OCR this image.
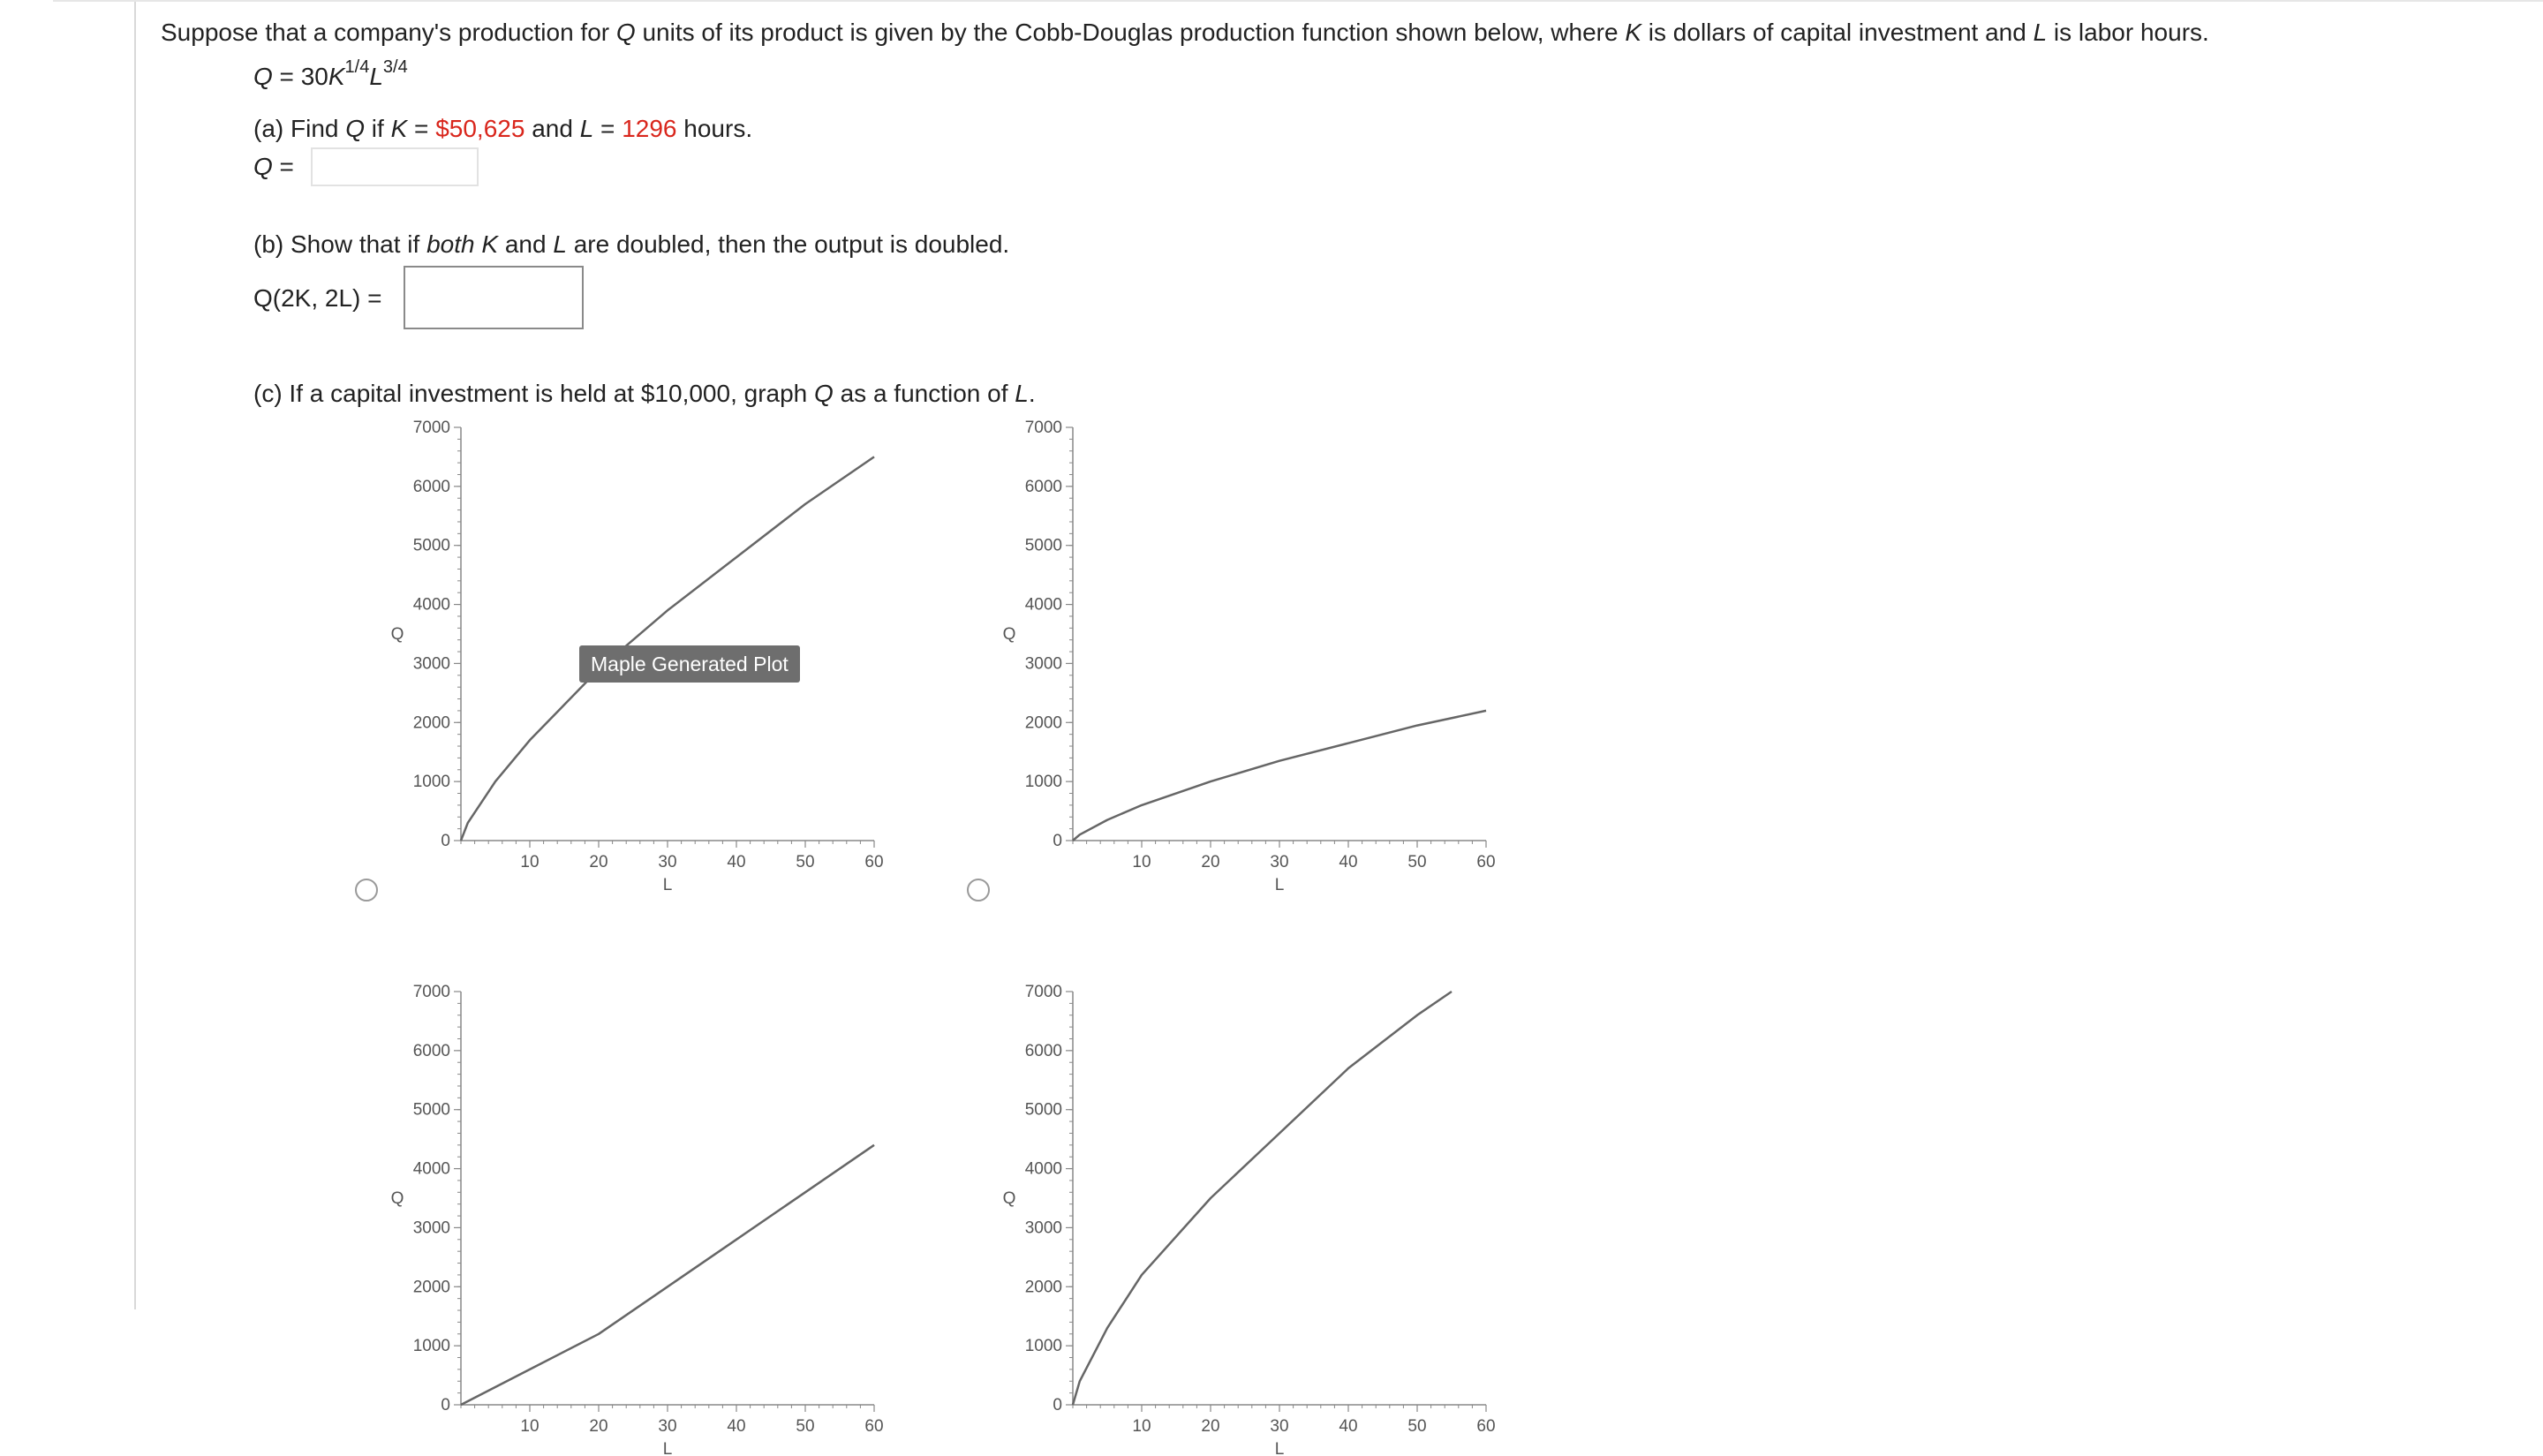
Suppose that a company's production for Q units of its product is given by the Cobb-Douglas production function shown below, where K is dollars of capital investment and L is labor hours.
$Q = 30K^{1/4}L^{3/4}$
(a) Find Q if K = $50,625 and L = 1296 hours.
Q =
(b) Show that if both K and L are doubled, then the output is doubled.
Q(2K, 2L) =
(c) If a capital investment is held at $10,000, graph Q as a function of L.
0
1000
2000
3000
4000
5000
6000
7000
10	20	30	40	50	60
L
Q
0
1000
2000
3000
4000
5000
6000
7000
10	20	30	40	50	60
L
Q
0
1000
2000
3000
4000
5000
6000
7000
10	20	30	40	50	60
L
Q
0
1000
2000
3000
4000
5000
6000
7000
10	20	30	40	50	60
L
Q
Maple Generated Plot
